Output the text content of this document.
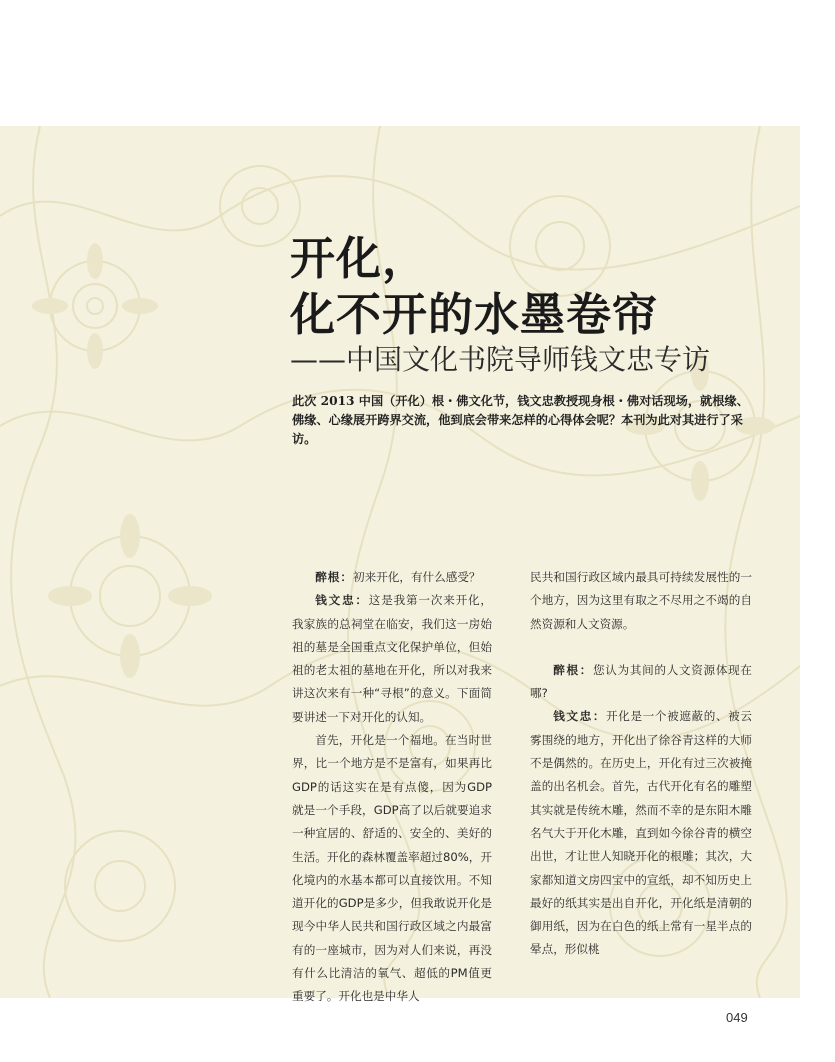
开化，
化不开的水墨卷帘
——中国文化书院导师钱文忠专访
此次 2013 中国（开化）根・佛文化节，钱文忠教授现身根・佛对话现场，就根缘、佛缘、心缘展开跨界交流，他到底会带来怎样的心得体会呢？本刊为此对其进行了采访。

醉根：初来开化，有什么感受？

钱文忠：这是我第一次来开化，我家族的总祠堂在临安，我们这一房始祖的墓是全国重点文化保护单位，但始祖的老太祖的墓地在开化，所以对我来讲这次来有一种“寻根”的意义。下面简要讲述一下对开化的认知。

首先，开化是一个福地。在当时世界，比一个地方是不是富有，如果再比GDP的话这实在是有点傻，因为GDP就是一个手段，GDP高了以后就要追求一种宜居的、舒适的、安全的、美好的生活。开化的森林覆盖率超过80%，开化境内的水基本都可以直接饮用。不知道开化的GDP是多少，但我敢说开化是现今中华人民共和国行政区域之内最富有的一座城市，因为对人们来说，再没有什么比清洁的氧气、超低的PM值更重要了。开化也是中华人

民共和国行政区域内最具可持续发展性的一个地方，因为这里有取之不尽用之不竭的自然资源和人文资源。

醉根：您认为其间的人文资源体现在哪?

钱文忠：开化是一个被遮蔽的、被云雾围绕的地方，开化出了徐谷青这样的大师不是偶然的。在历史上，开化有过三次被掩盖的出名机会。首先，古代开化有名的雕塑其实就是传统木雕，然而不幸的是东阳木雕名气大于开化木雕，直到如今徐谷青的横空出世，才让世人知晓开化的根雕；其次，大家都知道文房四宝中的宣纸，却不知历史上最好的纸其实是出自开化，开化纸是清朝的御用纸，因为在白色的纸上常有一星半点的晕点，形似桃

049
